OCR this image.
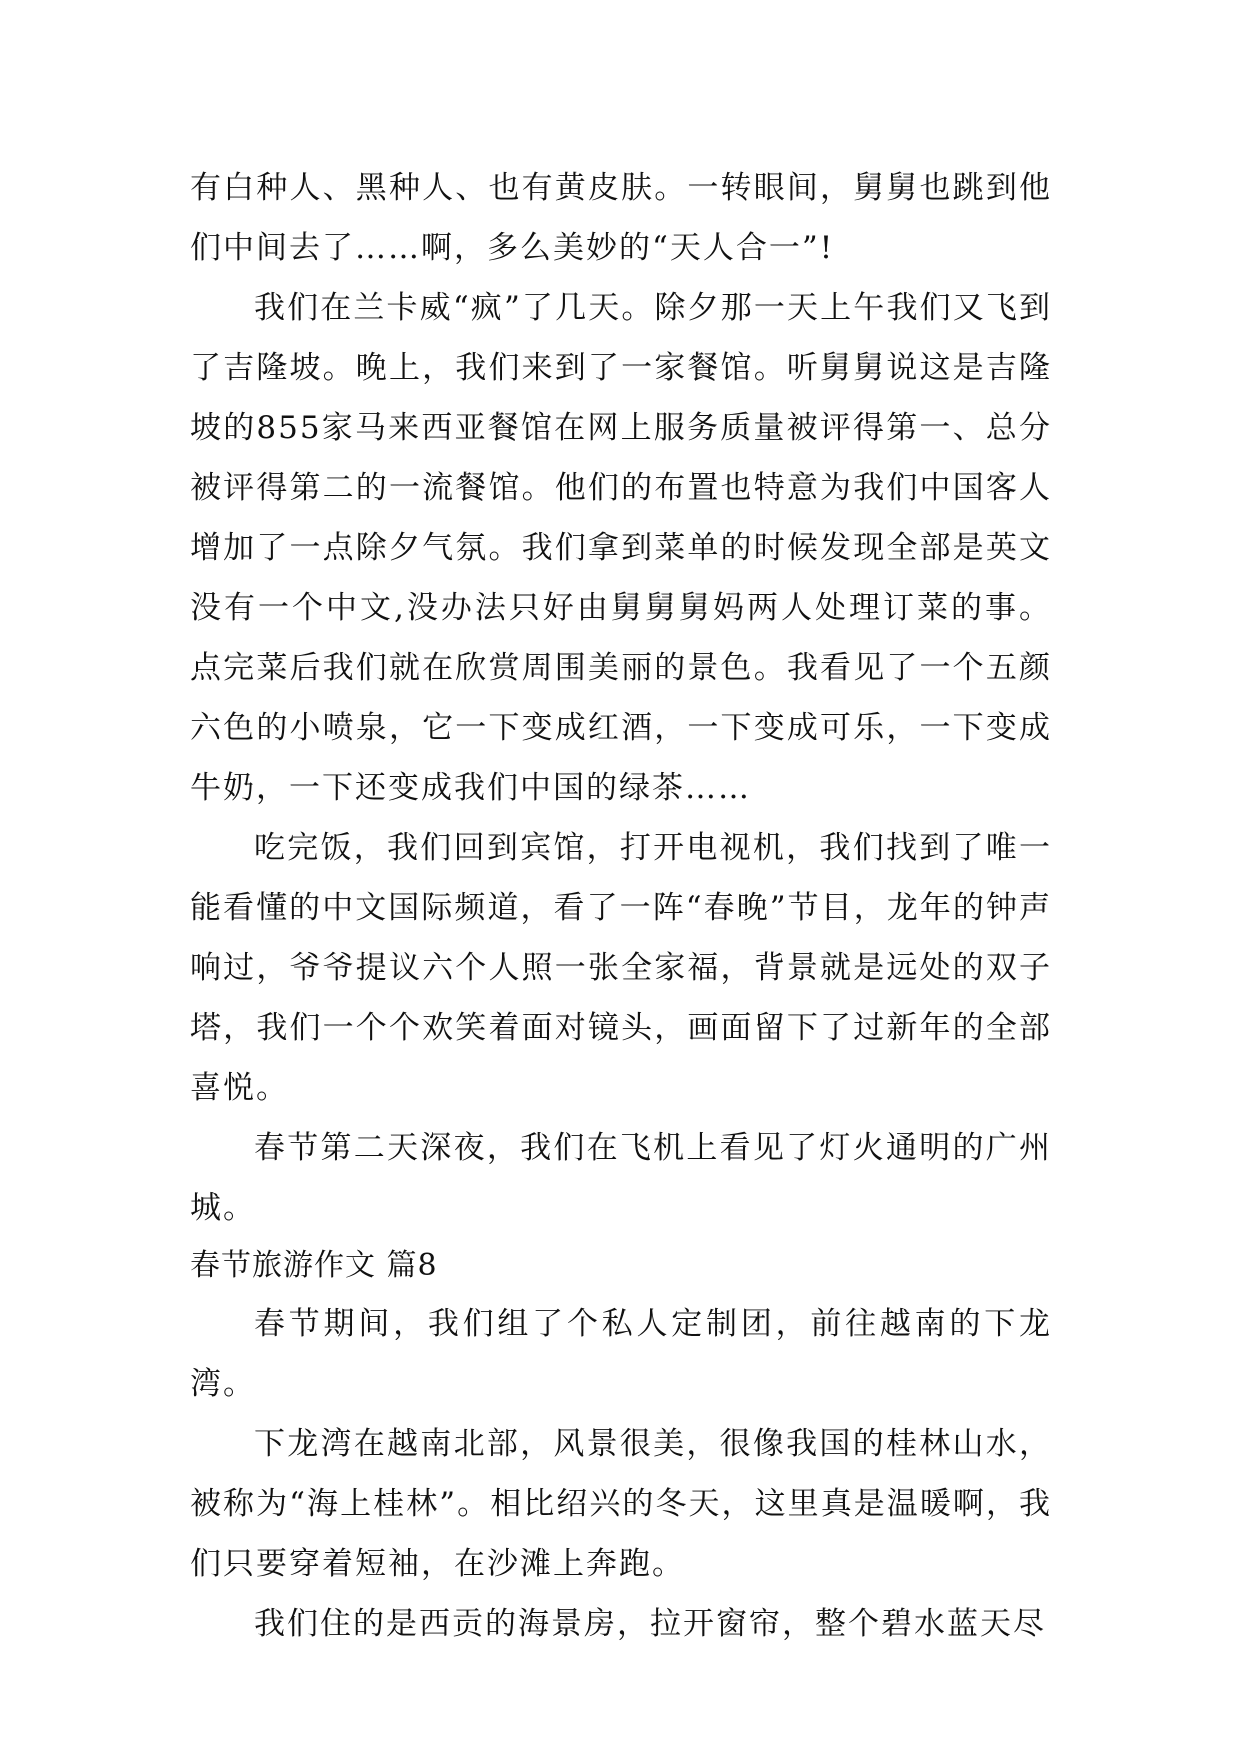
有白种人、黑种人、也有黄皮肤。一转眼间，舅舅也跳到他们中间去了……啊，多么美妙的“天人合一”!

我们在兰卡威“疯”了几天。除夕那一天上午我们又飞到了吉隆坡。晚上，我们来到了一家餐馆。听舅舅说这是吉隆坡的855家马来西亚餐馆在网上服务质量被评得第一、总分被评得第二的一流餐馆。他们的布置也特意为我们中国客人增加了一点除夕气氛。我们拿到菜单的时候发现全部是英文没有一个中文,没办法只好由舅舅舅妈两人处理订菜的事。点完菜后我们就在欣赏周围美丽的景色。我看见了一个五颜六色的小喷泉，它一下变成红酒，一下变成可乐，一下变成牛奶，一下还变成我们中国的绿茶……

吃完饭，我们回到宾馆，打开电视机，我们找到了唯一能看懂的中文国际频道，看了一阵“春晚”节目，龙年的钟声响过，爷爷提议六个人照一张全家福，背景就是远处的双子塔，我们一个个欢笑着面对镜头，画面留下了过新年的全部喜悦。

春节第二天深夜，我们在飞机上看见了灯火通明的广州城。

春节旅游作文 篇8

春节期间，我们组了个私人定制团，前往越南的下龙湾。

下龙湾在越南北部，风景很美，很像我国的桂林山水，被称为“海上桂林”。相比绍兴的冬天，这里真是温暖啊，我们只要穿着短袖，在沙滩上奔跑。

我们住的是西贡的海景房，拉开窗帘，整个碧水蓝天尽
